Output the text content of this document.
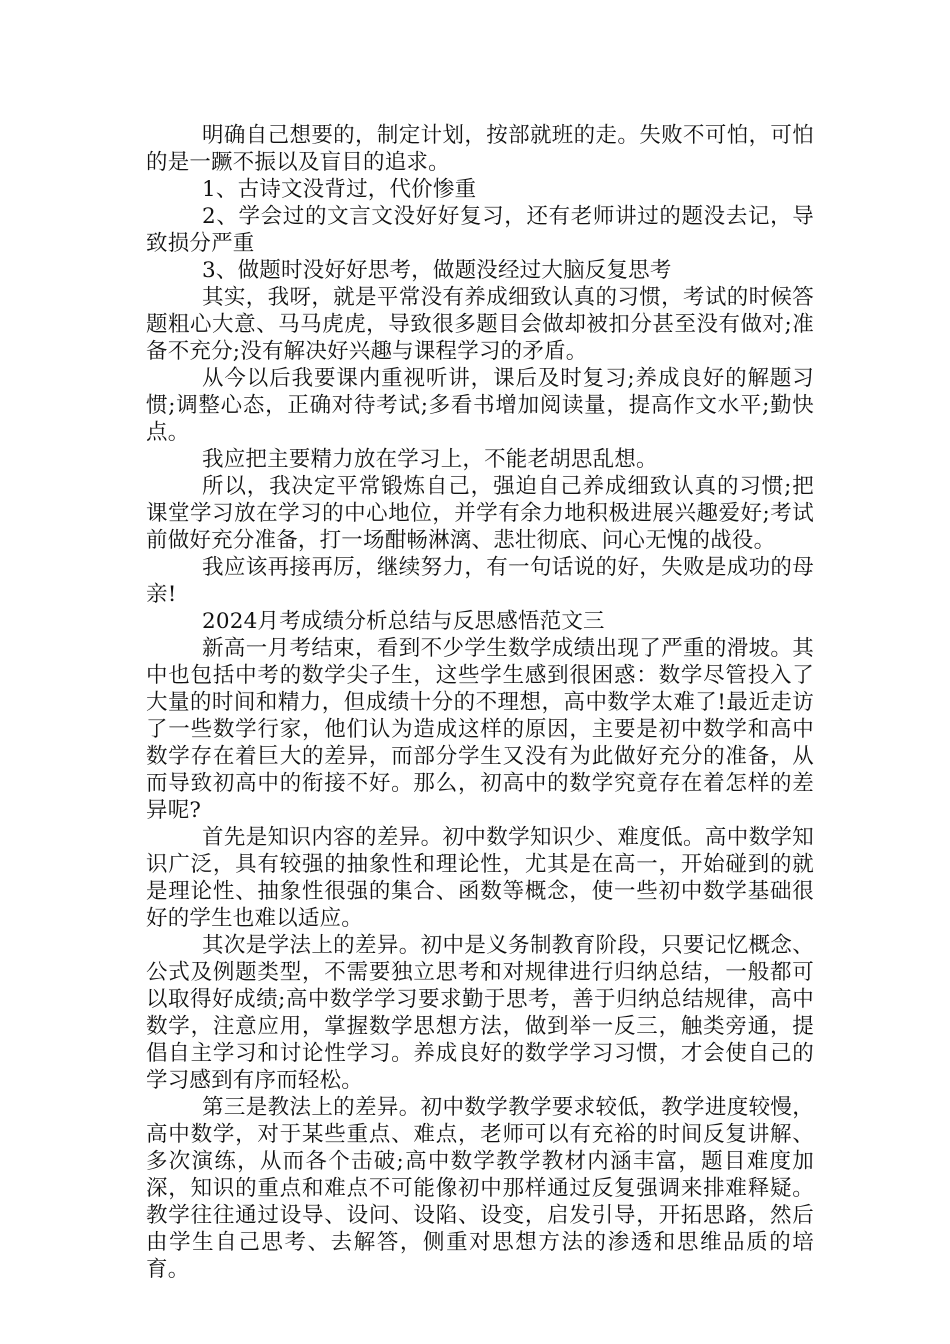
明确自己想要的，制定计划，按部就班的走。失败不可怕，可怕的是一蹶不振以及盲目的追求。

1、古诗文没背过，代价惨重

2、学会过的文言文没好好复习，还有老师讲过的题没去记，导致损分严重

3、做题时没好好思考，做题没经过大脑反复思考

其实，我呀，就是平常没有养成细致认真的习惯，考试的时候答题粗心大意、马马虎虎，导致很多题目会做却被扣分甚至没有做对;准备不充分;没有解决好兴趣与课程学习的矛盾。

从今以后我要课内重视听讲，课后及时复习;养成良好的解题习惯;调整心态，正确对待考试;多看书增加阅读量，提高作文水平;勤快点。

我应把主要精力放在学习上，不能老胡思乱想。

所以，我决定平常锻炼自己，强迫自己养成细致认真的习惯;把课堂学习放在学习的中心地位，并学有余力地积极进展兴趣爱好;考试前做好充分准备，打一场酣畅淋漓、悲壮彻底、问心无愧的战役。

我应该再接再厉，继续努力，有一句话说的好，失败是成功的母亲!

2024月考成绩分析总结与反思感悟范文三

新高一月考结束，看到不少学生数学成绩出现了严重的滑坡。其中也包括中考的数学尖子生，这些学生感到很困惑：数学尽管投入了大量的时间和精力，但成绩十分的不理想，高中数学太难了!最近走访了一些数学行家，他们认为造成这样的原因，主要是初中数学和高中数学存在着巨大的差异，而部分学生又没有为此做好充分的准备，从而导致初高中的衔接不好。那么，初高中的数学究竟存在着怎样的差异呢?

首先是知识内容的差异。初中数学知识少、难度低。高中数学知识广泛，具有较强的抽象性和理论性，尤其是在高一，开始碰到的就是理论性、抽象性很强的集合、函数等概念，使一些初中数学基础很好的学生也难以适应。

其次是学法上的差异。初中是义务制教育阶段，只要记忆概念、公式及例题类型，不需要独立思考和对规律进行归纳总结，一般都可以取得好成绩;高中数学学习要求勤于思考，善于归纳总结规律，高中数学，注意应用，掌握数学思想方法，做到举一反三，触类旁通，提倡自主学习和讨论性学习。养成良好的数学学习习惯，才会使自己的学习感到有序而轻松。

第三是教法上的差异。初中数学教学要求较低，教学进度较慢，高中数学，对于某些重点、难点，老师可以有充裕的时间反复讲解、多次演练，从而各个击破;高中数学教学教材内涵丰富，题目难度加深，知识的重点和难点不可能像初中那样通过反复强调来排难释疑。教学往往通过设导、设问、设陷、设变，启发引导，开拓思路，然后由学生自己思考、去解答，侧重对思想方法的渗透和思维品质的培育。
